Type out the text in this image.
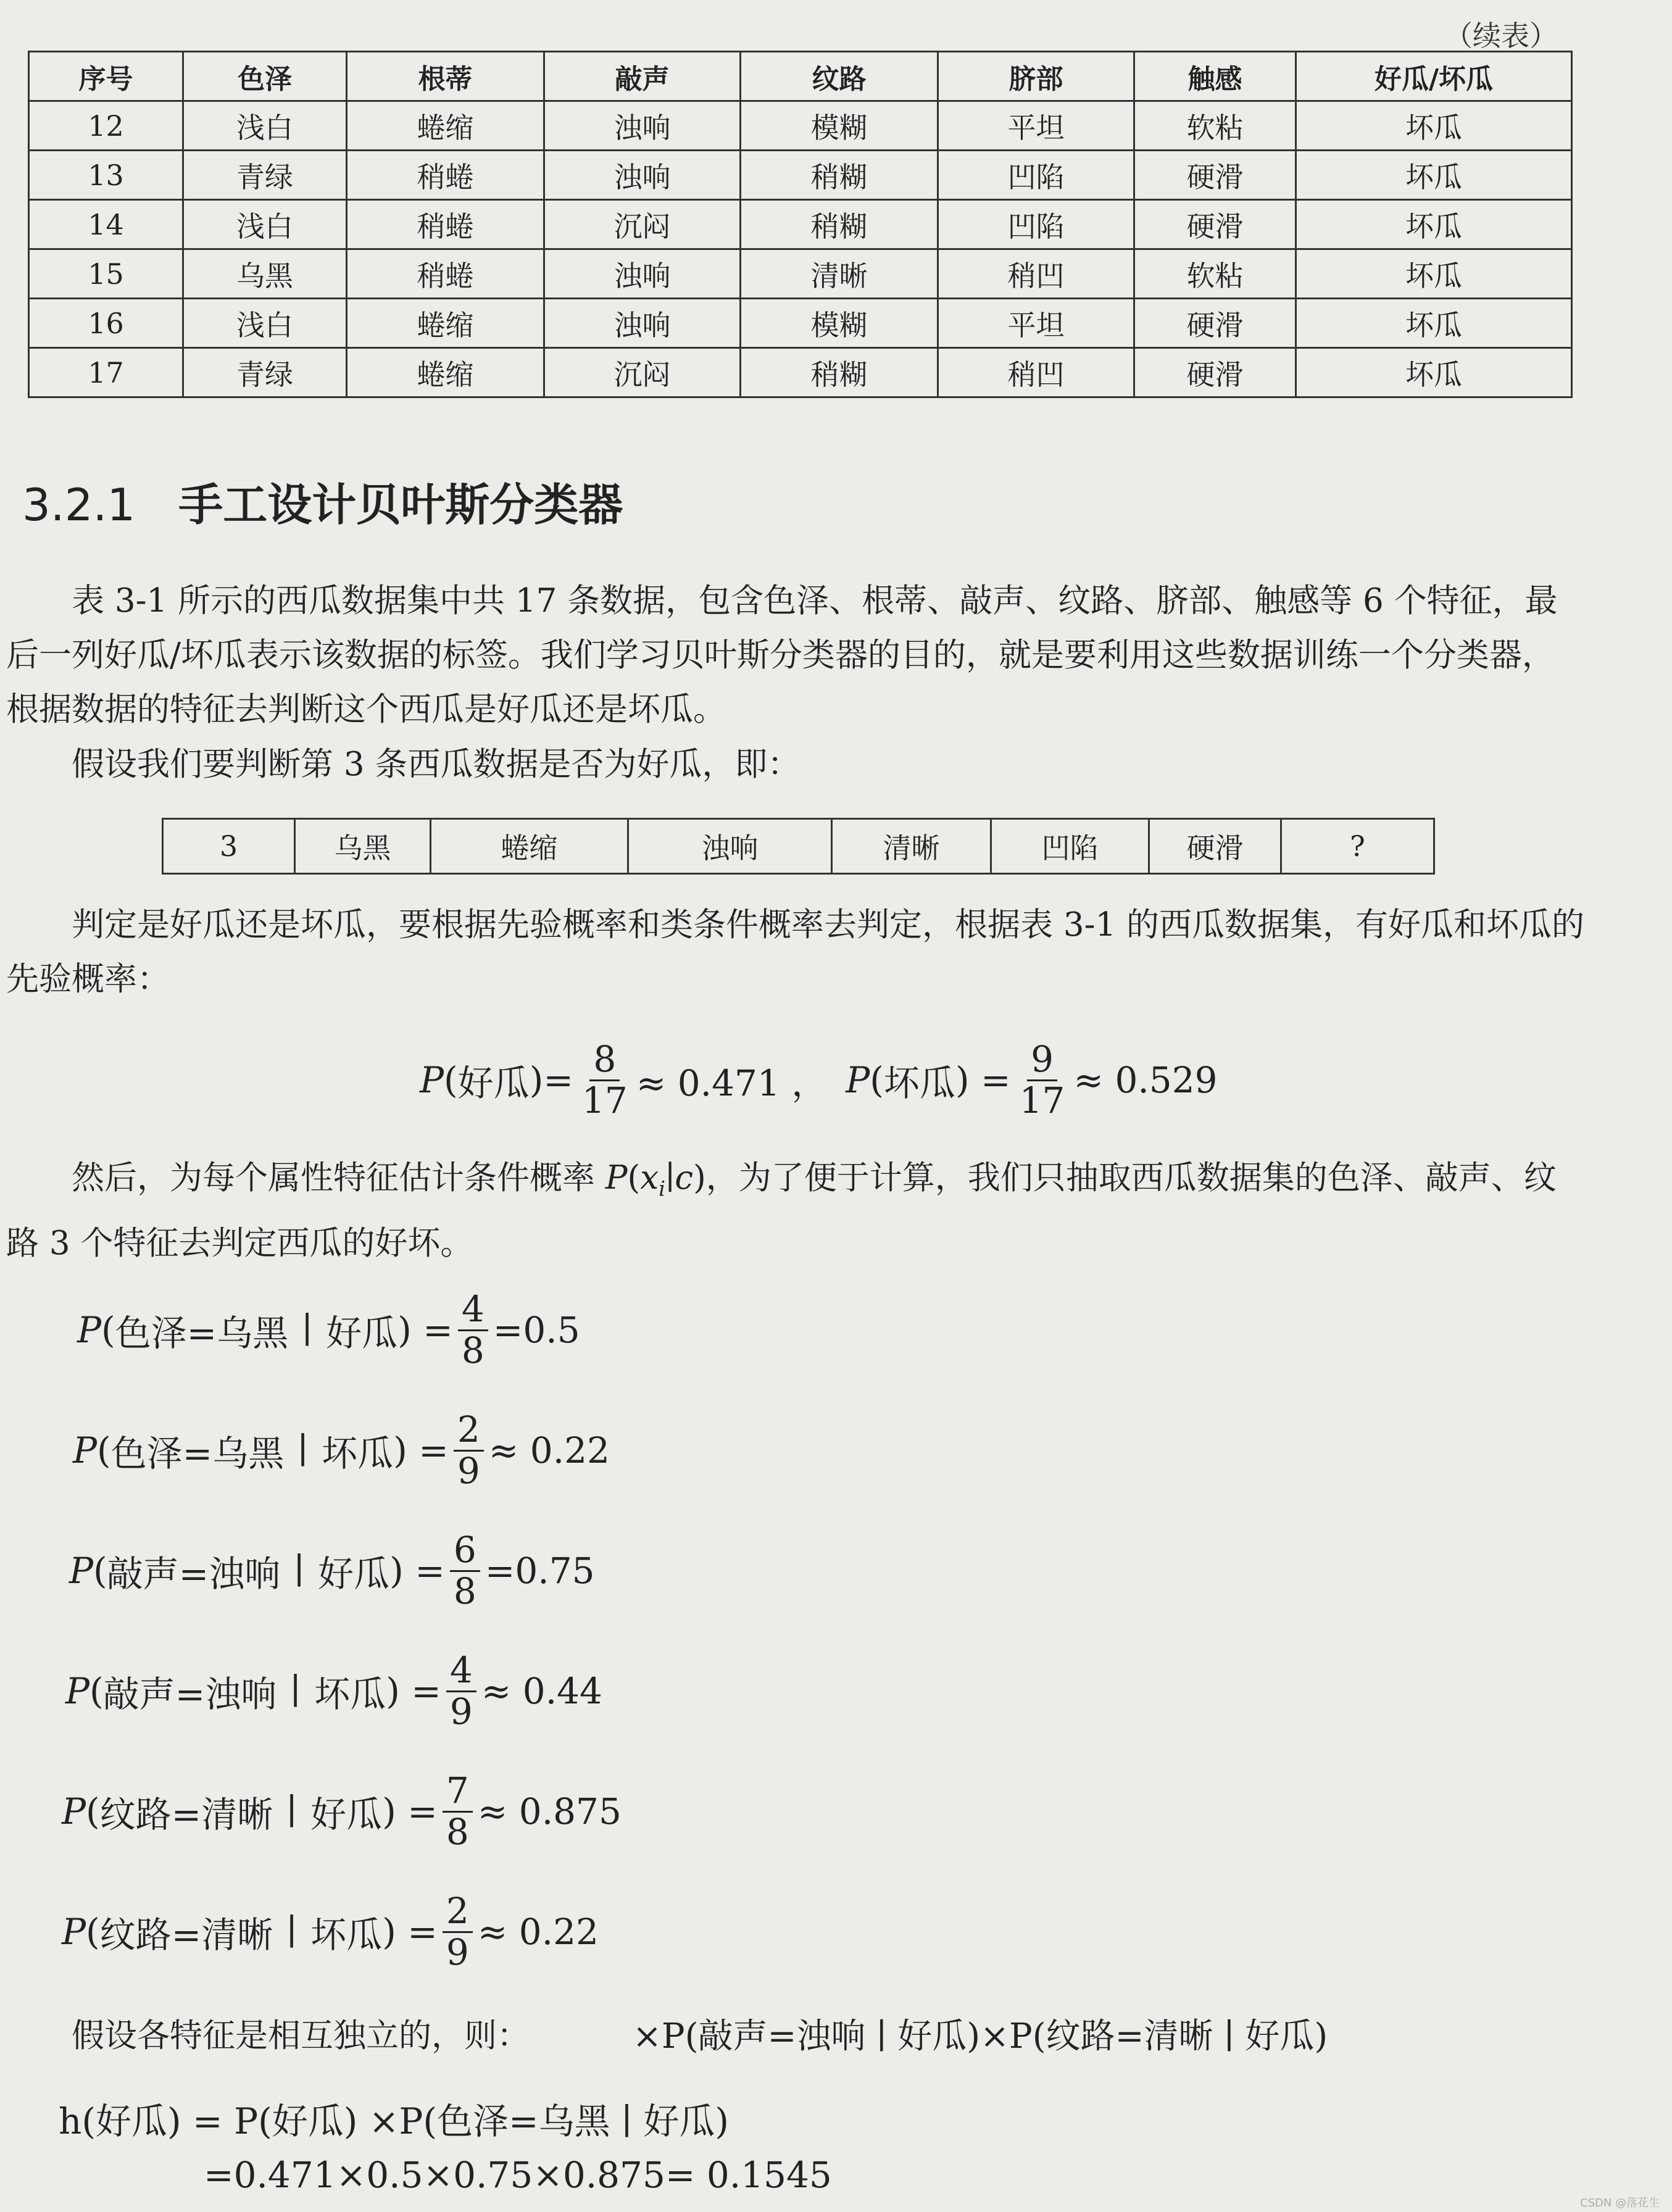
（续表）
序号	色泽	根蒂	敲声	纹路	脐部	触感	好瓜/坏瓜
12	浅白	蜷缩	浊响	模糊	平坦	软粘	坏瓜
13	青绿	稍蜷	浊响	稍糊	凹陷	硬滑	坏瓜
14	浅白	稍蜷	沉闷	稍糊	凹陷	硬滑	坏瓜
15	乌黑	稍蜷	浊响	清晰	稍凹	软粘	坏瓜
16	浅白	蜷缩	浊响	模糊	平坦	硬滑	坏瓜
17	青绿	蜷缩	沉闷	稍糊	稍凹	硬滑	坏瓜
3.2.1 手工设计贝叶斯分类器
表 3-1 所示的西瓜数据集中共 17 条数据，包含色泽、根蒂、敲声、纹路、脐部、触感等 6 个特征，最后一列好瓜/坏瓜表示该数据的标签。我们学习贝叶斯分类器的目的，就是要利用这些数据训练一个分类器，根据数据的特征去判断这个西瓜是好瓜还是坏瓜。
假设我们要判断第 3 条西瓜数据是否为好瓜，即：
3	乌黑	蜷缩	浊响	清晰	凹陷	硬滑	?
判定是好瓜还是坏瓜，要根据先验概率和类条件概率去判定，根据表 3-1 的西瓜数据集，有好瓜和坏瓜的先验概率：
P ( 好瓜 )= $\frac{8}{17} \approx 0.471$ ， P ( 坏瓜 ) = $\frac{9}{17} \approx 0.529$
然后，为每个属性特征估计条件概率 $P(x_i∣c)$，为了便于计算，我们只抽取西瓜数据集的色泽、敲声、纹路 3 个特征去判定西瓜的好坏。
P ( 色泽=乌黑 ∣ 好瓜 ) = $\frac{4}{8} =0.5$
P ( 色泽=乌黑 ∣ 坏瓜 ) = $\frac{2}{9} \approx 0.22$
P ( 敲声=浊响 ∣ 好瓜 ) = $\frac{6}{8} =0.75$
P ( 敲声=浊响 ∣ 坏瓜 ) = $\frac{4}{9} \approx 0.44$
P ( 纹路=清晰 ∣ 好瓜 ) = $\frac{7}{8} \approx 0.875$
P ( 纹路=清晰 ∣ 坏瓜 ) = $\frac{2}{9} \approx 0.22$
假设各特征是相互独立的，则：	×P(敲声=浊响 ∣ 好瓜)×P(纹路=清晰 ∣ 好瓜)
h(好瓜) = P(好瓜) ×P(色泽=乌黑 ∣ 好瓜)
=0.471×0.5×0.75×0.875= 0.1545
CSDN @落花生
